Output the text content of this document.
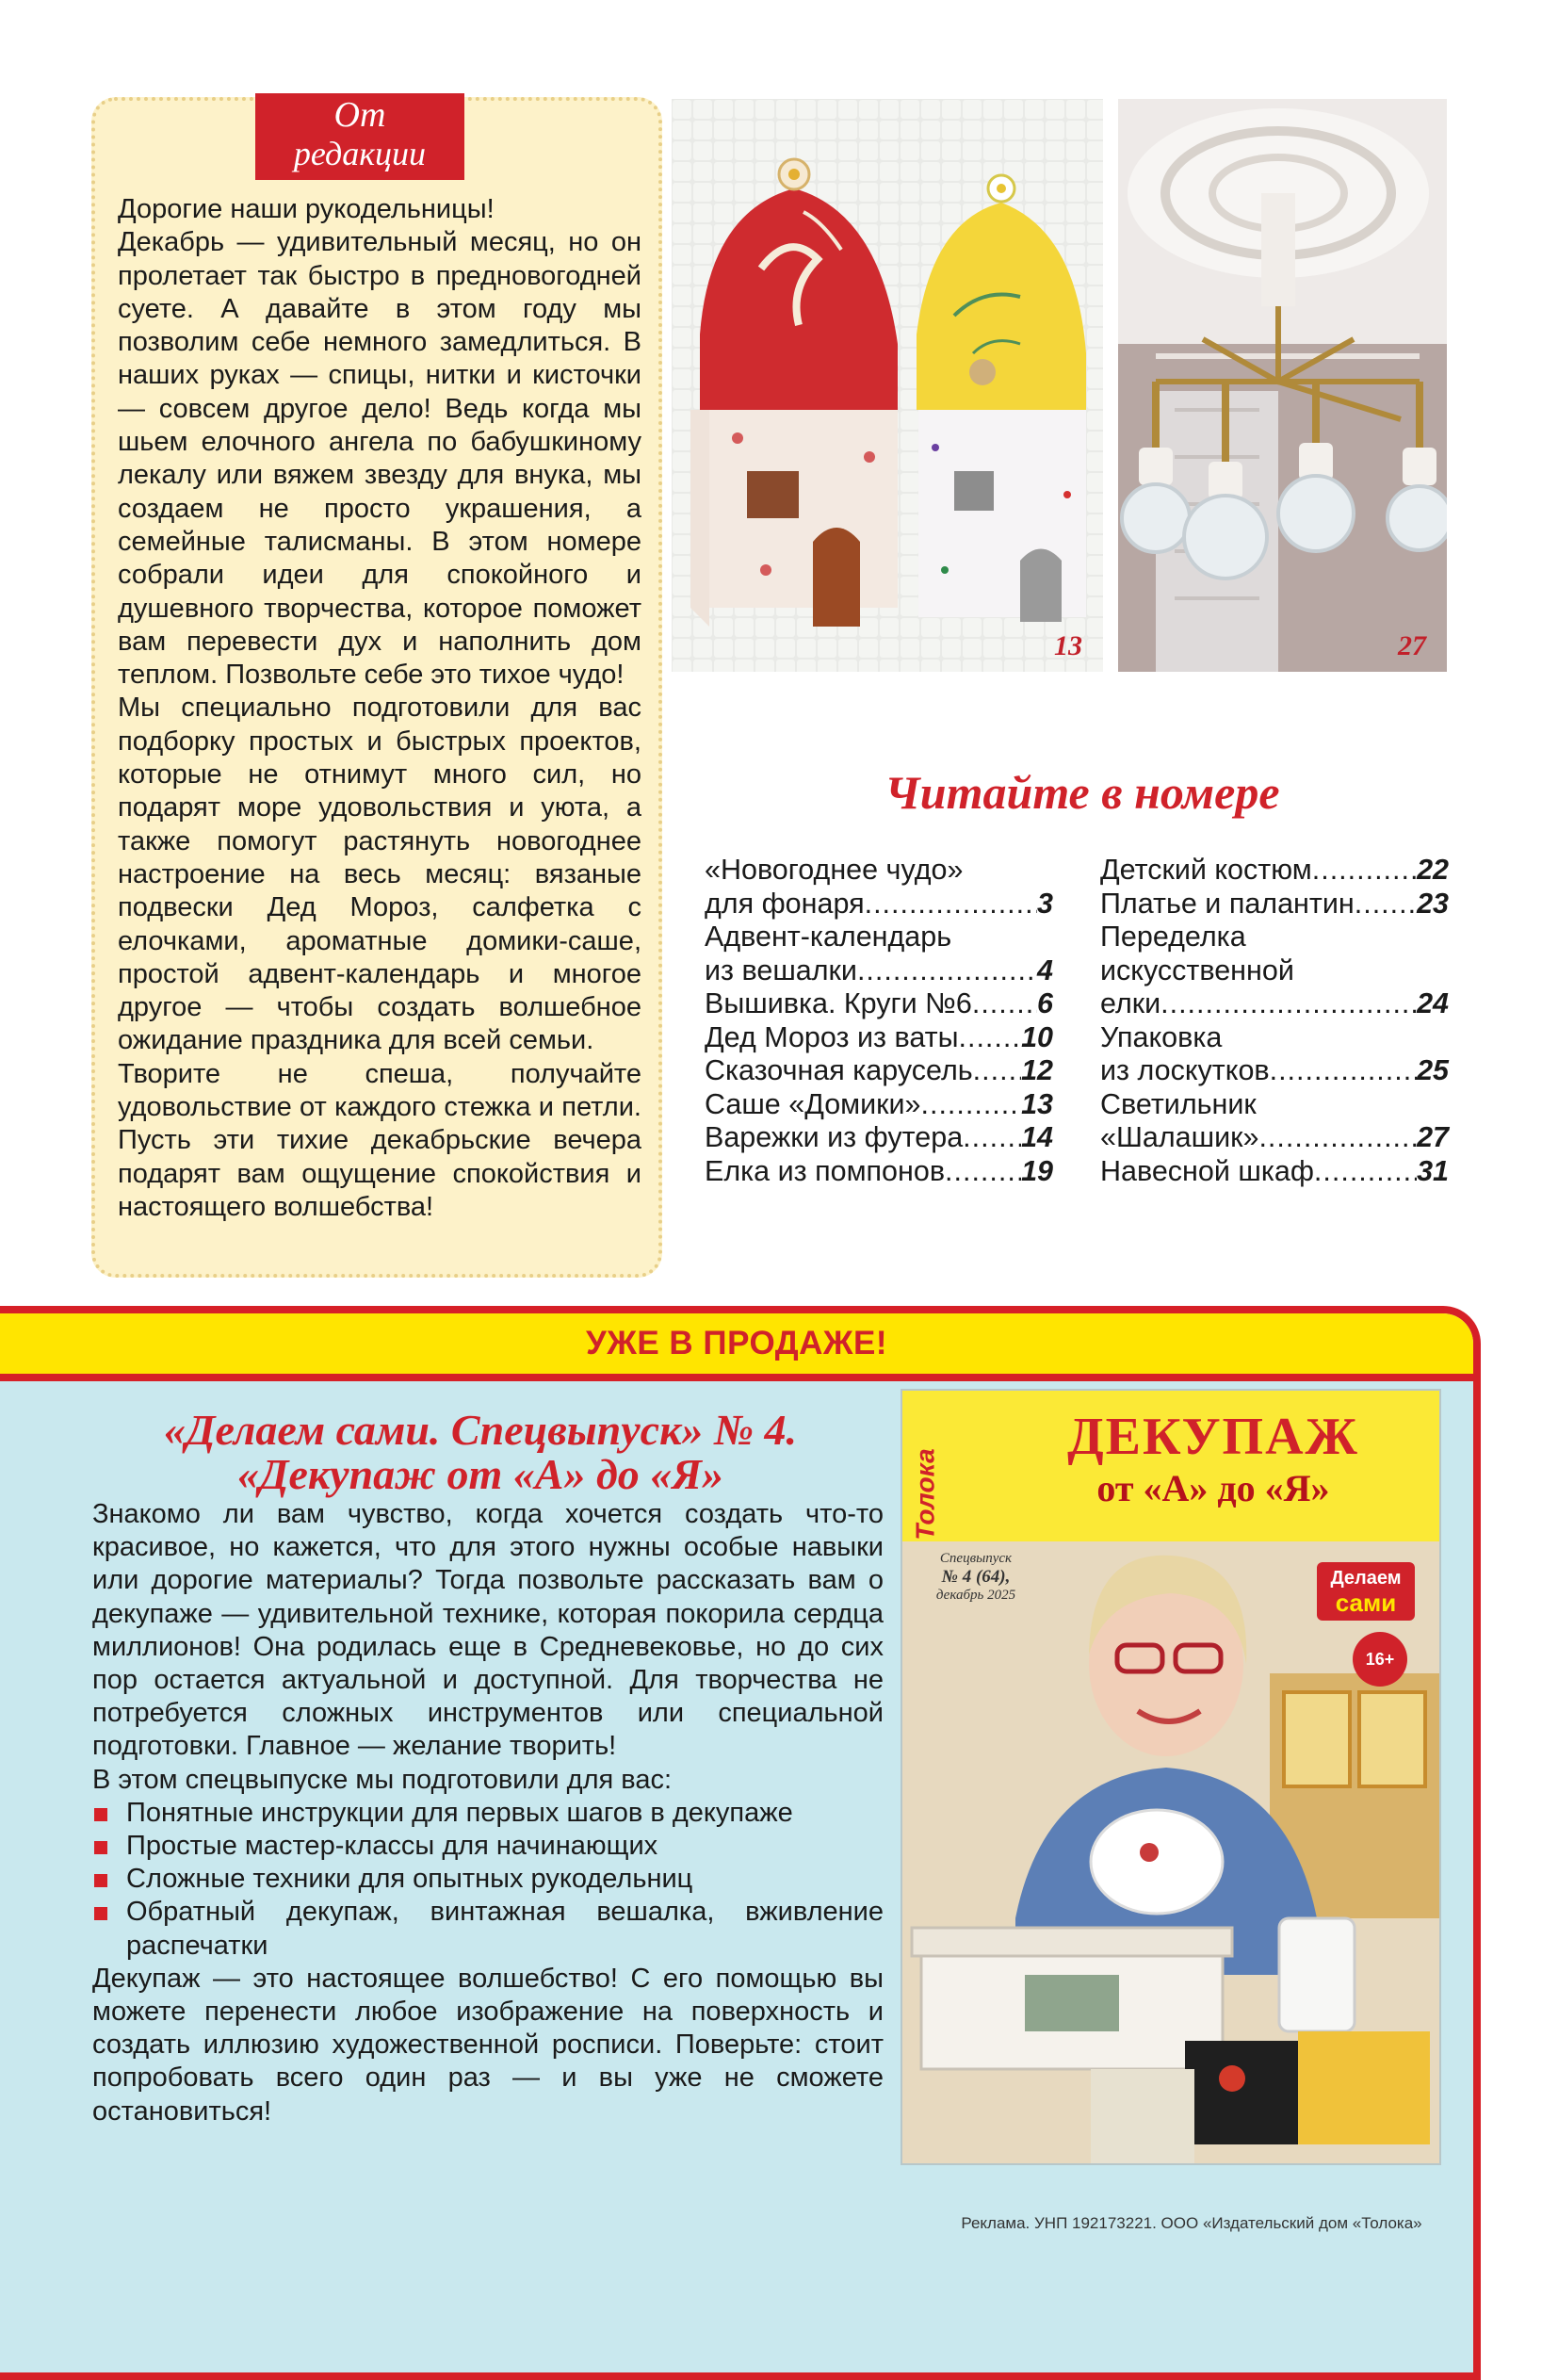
От
редакции

Дорогие наши рукодельницы!

Декабрь — удивительный месяц, но он пролетает так быстро в предновогодней суете. А давайте в этом году мы позволим себе немного замедлиться. В наших руках — спицы, нитки и кисточки — совсем другое дело! Ведь когда мы шьем елочного ангела по бабушкиному лекалу или вяжем звезду для внука, мы создаем не просто украшения, а семейные талисманы. В этом номере собрали идеи для спокойного и душевного творчества, которое поможет вам перевести дух и наполнить дом теплом. Позвольте себе это тихое чудо!

Мы специально подготовили для вас подборку простых и быстрых проектов, которые не отнимут много сил, но подарят море удовольствия и уюта, а также помогут растянуть новогоднее настроение на весь месяц: вязаные подвески Дед Мороз, салфетка с елочками, ароматные домики-саше, простой адвент-календарь и многое другое — чтобы создать волшебное ожидание праздника для всей семьи.

Творите не спеша, получайте удовольствие от каждого стежка и петли. Пусть эти тихие декабрьские вечера подарят вам ощущение спокойствия и настоящего волшебства!

13	27
Читайте в номере
«Новогоднее чудо»
для фонаря .....	3
Адвент-календарь
из вешалки .....	4
Вышивка. Круги №6 ..... 6
Дед Мороз из ваты ..... 10
Сказочная карусель ..... 12
Саше «Домики» .....	13
Варежки из футера ..... 14
Елка из помпонов .....	19
Детский костюм .....	22
Платье и палантин ..... 23
Переделка
искусственной
елки .....	24
Упаковка
из лоскутков .....	25
Светильник
«Шалашик» .....	27
Навесной шкаф .....	31
УЖЕ В ПРОДАЖЕ!
«Делаем сами. Спецвыпуск» № 4.
«Декупаж от «А» до «Я»

Знакомо ли вам чувство, когда хочется создать что-то красивое, но кажется, что для этого нужны особые навыки или дорогие материалы? Тогда позвольте рассказать вам о декупаже — удивительной технике, которая покорила сердца миллионов! Она родилась еще в Средневековье, но до сих пор остается актуальной и доступной. Для творчества не потребуется сложных инструментов или специальной подготовки. Главное — желание творить!

В этом спецвыпуске мы подготовили для вас:

Понятные инструкции для первых шагов в декупаже
Простые мастер-классы для начинающих
Сложные техники для опытных рукодельниц
Обратный декупаж, винтажная вешалка, вживление распечатки

Декупаж — это настоящее волшебство! С его помощью вы можете перенести любое изображение на поверхность и создать иллюзию художественной росписи. Поверьте: стоит попробовать всего один раз — и вы уже не сможете остановиться!

Реклама. УНП 192173221. ООО «Издательский дом «Толока»
Толока
ДЕКУПАЖ
от «А» до «Я»
Спецвыпуск
№ 4 (64),
декабрь 2025
Делаем
сами
16+
